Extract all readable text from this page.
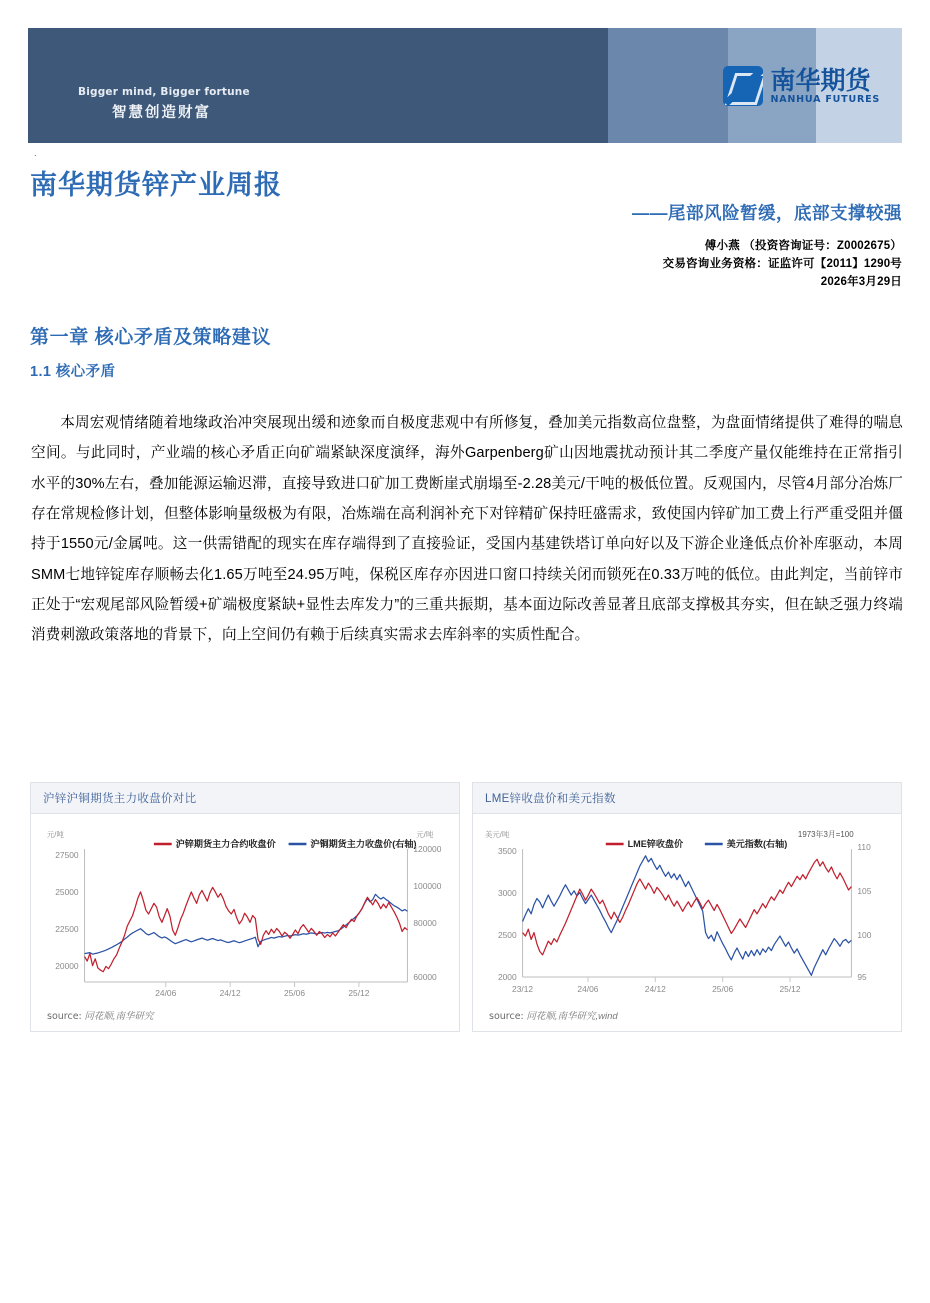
Bigger mind, Bigger fortune
智慧创造财富
南华期货
NANHUA FUTURES
.
南华期货锌产业周报
——尾部风险暂缓，底部支撑较强
傅小燕 （投资咨询证号：Z0002675）
交易咨询业务资格：证监许可【2011】1290号
2026年3月29日
第一章 核心矛盾及策略建议
1.1 核心矛盾
本周宏观情绪随着地缘政治冲突展现出缓和迹象而自极度悲观中有所修复，叠加美元指数高位盘整，为盘面情绪提供了难得的喘息空间。与此同时，产业端的核心矛盾正向矿端紧缺深度演绎，海外Garpenberg矿山因地震扰动预计其二季度产量仅能维持在正常指引水平的30%左右，叠加能源运输迟滞，直接导致进口矿加工费断崖式崩塌至-2.28美元/干吨的极低位置。反观国内，尽管4月部分冶炼厂存在常规检修计划，但整体影响量级极为有限，冶炼端在高利润补充下对锌精矿保持旺盛需求，致使国内锌矿加工费上行严重受阻并僵持于1550元/金属吨。这一供需错配的现实在库存端得到了直接验证，受国内基建铁塔订单向好以及下游企业逢低点价补库驱动，本周SMM七地锌锭库存顺畅去化1.65万吨至24.95万吨，保税区库存亦因进口窗口持续关闭而锁死在0.33万吨的低位。由此判定，当前锌市正处于“宏观尾部风险暂缓+矿端极度紧缺+显性去库发力”的三重共振期，基本面边际改善显著且底部支撑极其夯实，但在缺乏强力终端消费刺激政策落地的背景下，向上空间仍有赖于后续真实需求去库斜率的实质性配合。
沪锌沪铜期货主力收盘价对比
元/吨	元/吨
沪锌期货主力合约收盘价	沪铜期货主力收盘价(右轴)
27500
25000
22500
20000
120000
100000
80000
60000
24/06	24/12	25/06	25/12
source: 同花顺,南华研究
LME锌收盘价和美元指数
美元/吨	1973年3月=100
LME锌收盘价	美元指数(右轴)
3500
3000
2500
2000
110
105
100
95
23/12	24/06	24/12	25/06	25/12
source: 同花顺,南华研究,wind
